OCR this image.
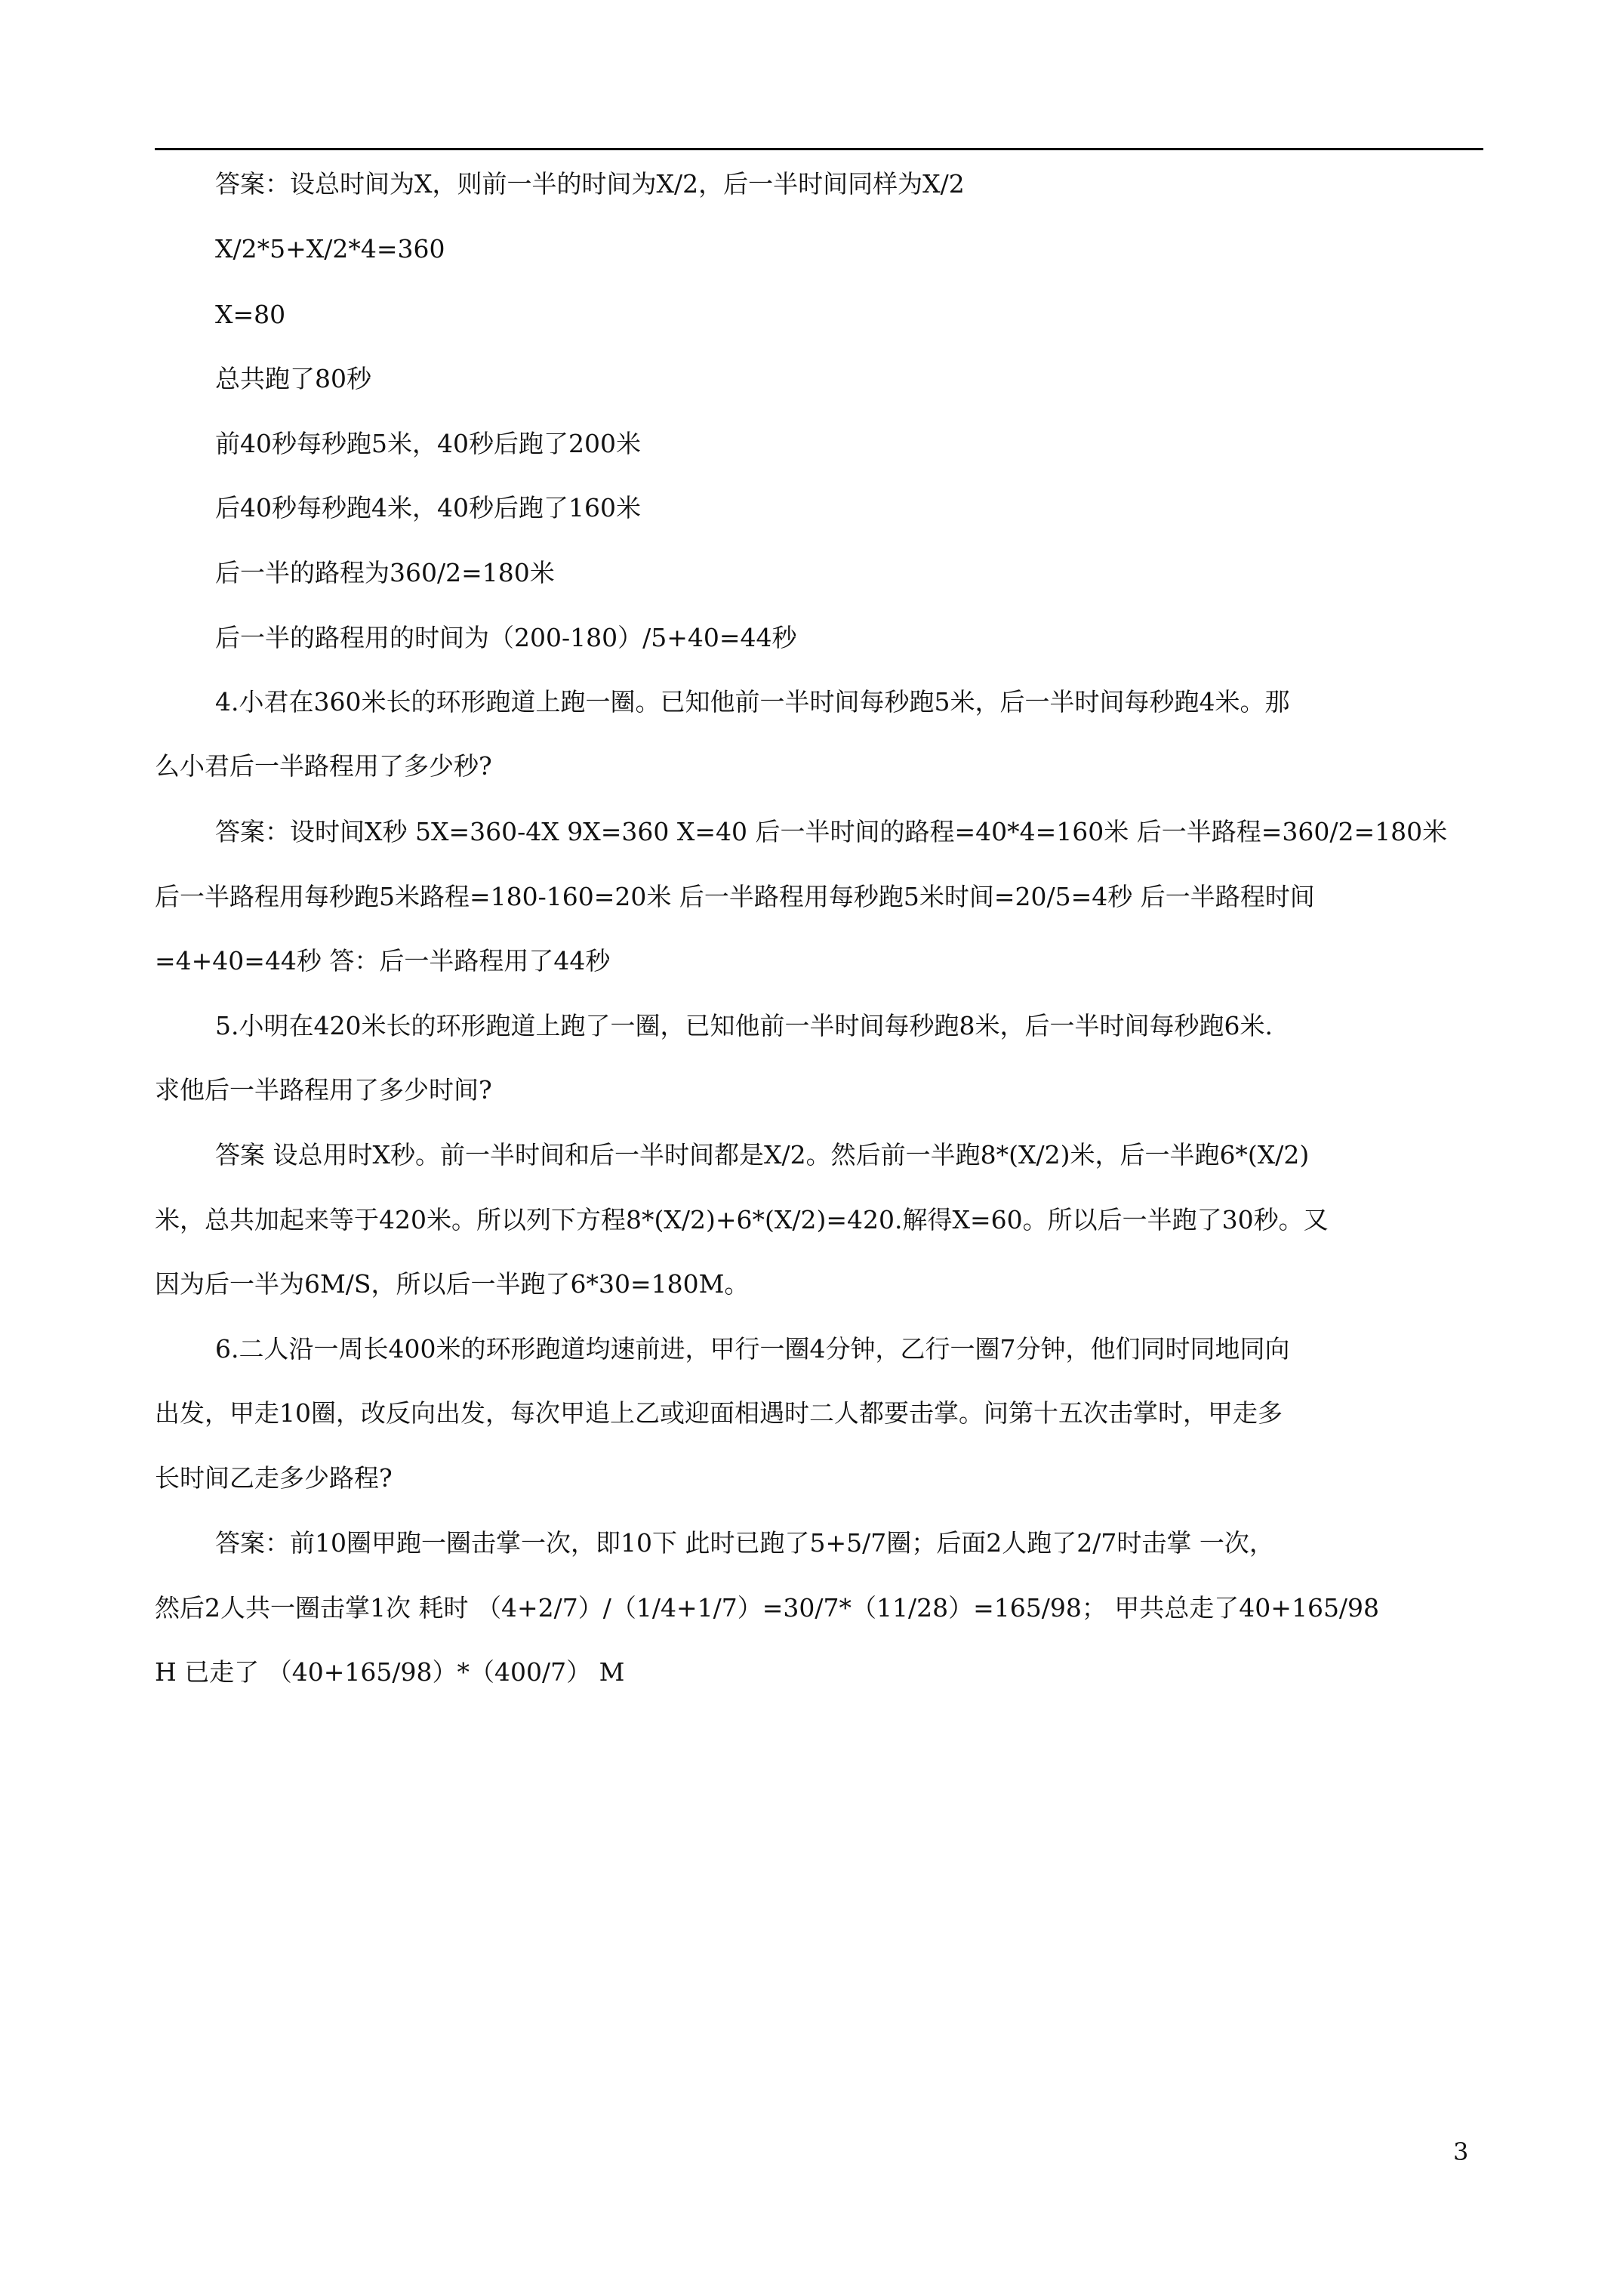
答案：设总时间为X，则前一半的时间为X/2，后一半时间同样为X/2
X/2*5+X/2*4=360
X=80
总共跑了80秒
前40秒每秒跑5米，40秒后跑了200米
后40秒每秒跑4米，40秒后跑了160米
后一半的路程为360/2=180米
后一半的路程用的时间为（200-180）/5+40=44秒
4.小君在360米长的环形跑道上跑一圈。已知他前一半时间每秒跑5米，后一半时间每秒跑4米。那
么小君后一半路程用了多少秒?
答案：设时间X秒 5X=360-4X 9X=360 X=40 后一半时间的路程=40*4=160米 后一半路程=360/2=180米
后一半路程用每秒跑5米路程=180-160=20米 后一半路程用每秒跑5米时间=20/5=4秒 后一半路程时间
=4+40=44秒 答：后一半路程用了44秒
5.小明在420米长的环形跑道上跑了一圈，已知他前一半时间每秒跑8米，后一半时间每秒跑6米.
求他后一半路程用了多少时间?
答案 设总用时X秒。前一半时间和后一半时间都是X/2。然后前一半跑8*(X/2)米，后一半跑6*(X/2)
米，总共加起来等于420米。所以列下方程8*(X/2)+6*(X/2)=420.解得X=60。所以后一半跑了30秒。又
因为后一半为6M/S，所以后一半跑了6*30=180M。
6.二人沿一周长400米的环形跑道均速前进，甲行一圈4分钟，乙行一圈7分钟，他们同时同地同向
出发，甲走10圈，改反向出发，每次甲追上乙或迎面相遇时二人都要击掌。问第十五次击掌时，甲走多
长时间乙走多少路程?
答案：前10圈甲跑一圈击掌一次，即10下 此时已跑了5+5/7圈；后面2人跑了2/7时击掌 一次，
然后2人共一圈击掌1次 耗时 （4+2/7）/（1/4+1/7）=30/7*（11/28）=165/98； 甲共总走了40+165/98
H 已走了 （40+165/98）*（400/7） M
3
